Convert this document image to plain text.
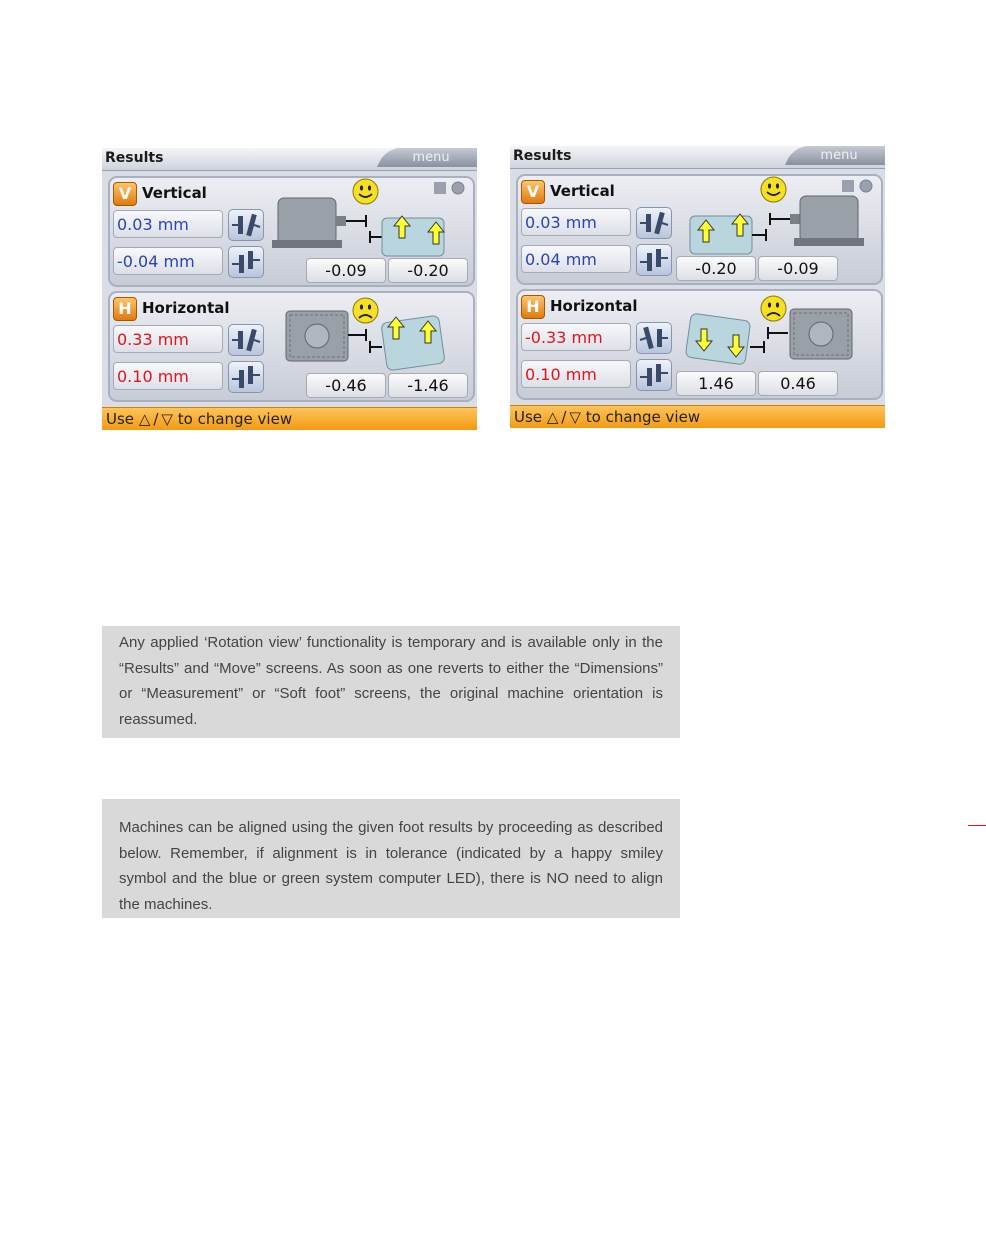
Results	menu
V Vertical
0.03 mm
-0.04 mm	-0.09	-0.20
H Horizontal
0.33 mm
0.10 mm	-0.46	-1.46
Use △ / ▽ to change view
Results	menu
V Vertical
0.03 mm
0.04 mm	-0.20	-0.09
H Horizontal
-0.33 mm
0.10 mm	1.46	0.46
Use △ / ▽ to change view
Any applied ‘Rotation view’ functionality is temporary and is available only in the “Results” and “Move” screens. As soon as one reverts to either the “Dimensions” or “Measurement” or “Soft foot” screens, the original machine orientation is reassumed.
Machines can be aligned using the given foot results by proceeding as described below. Remember, if alignment is in tolerance (indicated by a happy smiley symbol and the blue or green system computer LED), there is NO need to align the machines.
